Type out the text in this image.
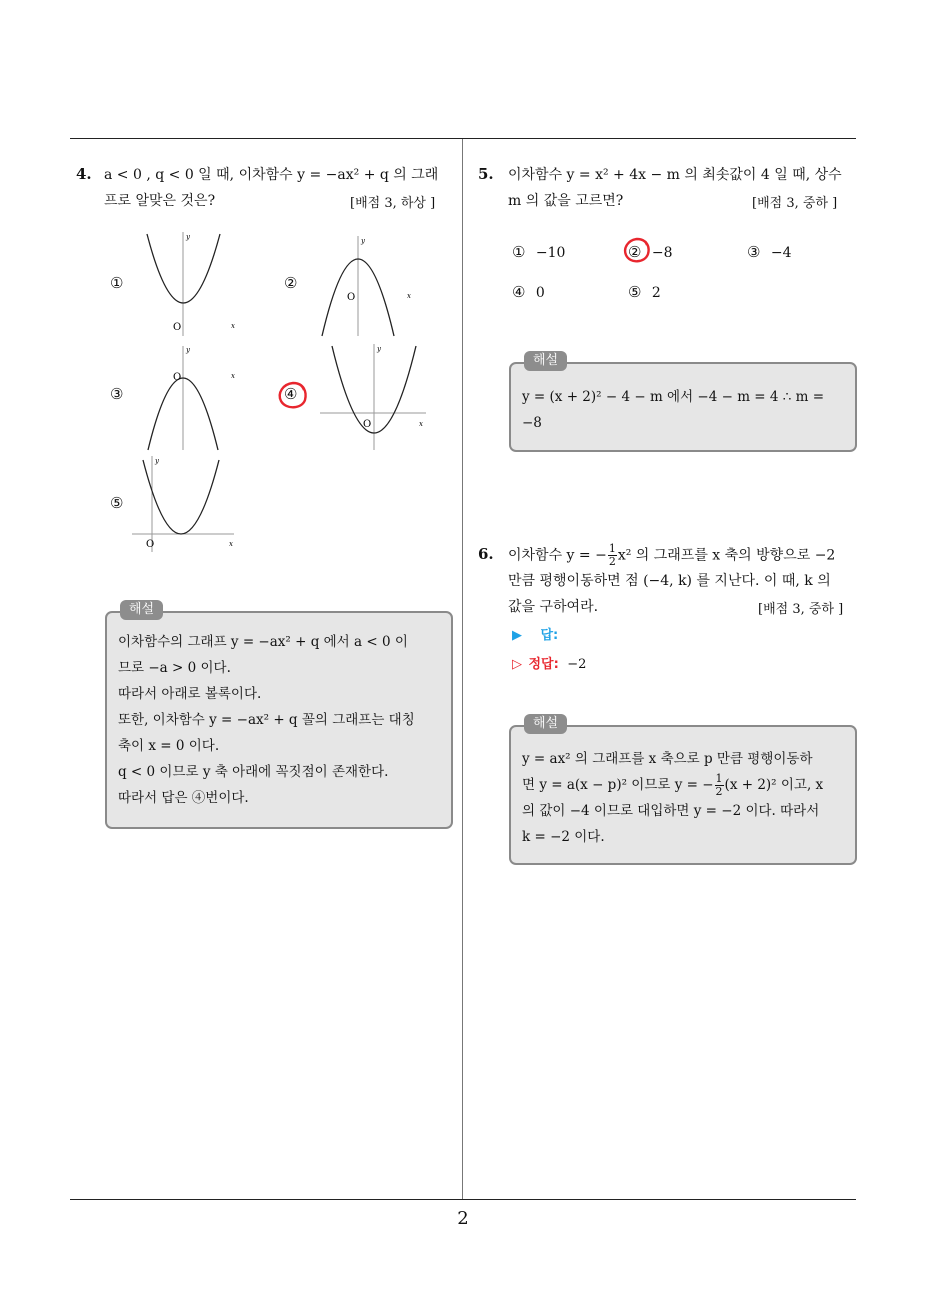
2
4. a < 0 , q < 0 일 때, 이차함수 y = −ax² + q 의 그래
프로 알맞은 것은?	[배점 3, 하상 ]
①	②
③	④
⑤
y
O	x
y
O	x
y
O	x
y
O	x
y
O	x
해설
이차함수의 그래프 y = −ax² + q 에서 a < 0 이
므로 −a > 0 이다.
따라서 아래로 볼록이다.
또한, 이차함수 y = −ax² + q 꼴의 그래프는 대칭
축이 x = 0 이다.
q < 0 이므로 y 축 아래에 꼭짓점이 존재한다.
따라서 답은 ④번이다.
5. 이차함수 y = x² + 4x − m 의 최솟값이 4 일 때, 상수
m 의 값을 고르면?	[배점 3, 중하 ]
① −10	② −8	③ −4
④ 0	⑤ 2
해설
y = (x + 2)² − 4 − m 에서 −4 − m = 4 ∴ m =
−8
6. 이차함수 y = − $\frac{1}{2} x^2$ 의 그래프를 x 축의 방향으로 −2
만큼 평행이동하면 점 (−4, k) 를 지난다. 이 때, k 의
값을 구하여라.	[배점 3, 중하 ]
▶ 답:
▷ 정답: −2
해설
y = ax² 의 그래프를 x 축으로 p 만큼 평행이동하
면 y = a(x − p)² 이므로 y = − $\frac{1}{2} (x + 2)^2$ 이고, x
의 값이 −4 이므로 대입하면 y = −2 이다. 따라서
k = −2 이다.
